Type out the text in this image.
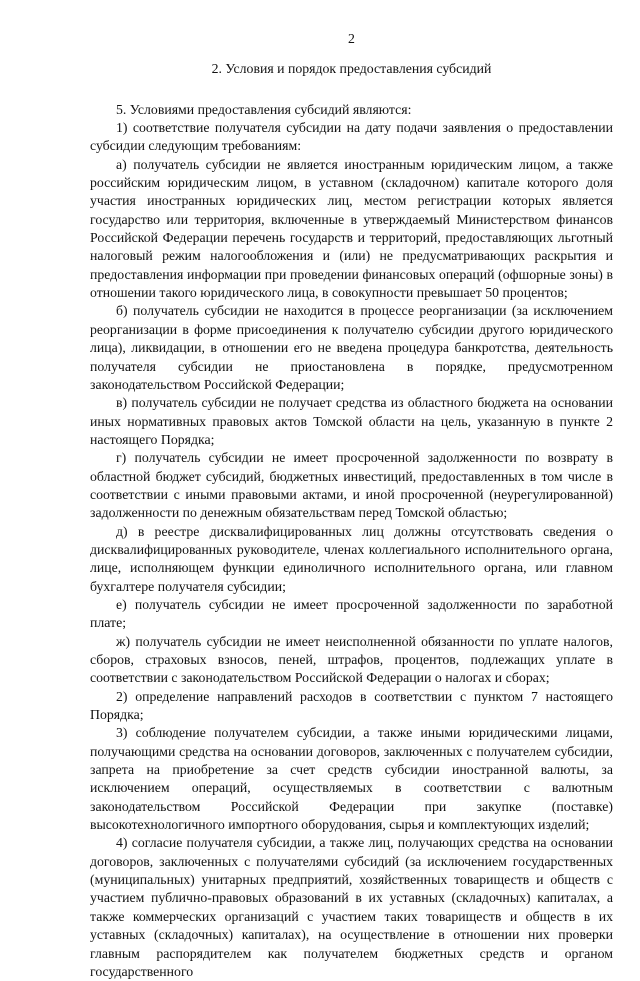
2
2. Условия и порядок предоставления субсидий

5. Условиями предоставления субсидий являются:

1) соответствие получателя субсидии на дату подачи заявления о предоставлении субсидии следующим требованиям:

а) получатель субсидии не является иностранным юридическим лицом, а также российским юридическим лицом, в уставном (складочном) капитале которого доля участия иностранных юридических лиц, местом регистрации которых является государство или территория, включенные в утверждаемый Министерством финансов Российской Федерации перечень государств и территорий, предоставляющих льготный налоговый режим налогообложения и (или) не предусматривающих раскрытия и предоставления информации при проведении финансовых операций (офшорные зоны) в отношении такого юридического лица, в совокупности превышает 50 процентов;

б) получатель субсидии не находится в процессе реорганизации (за исключением реорганизации в форме присоединения к получателю субсидии другого юридического лица), ликвидации, в отношении его не введена процедура банкротства, деятельность получателя субсидии не приостановлена в порядке, предусмотренном законодательством Российской Федерации;

в) получатель субсидии не получает средства из областного бюджета на основании иных нормативных правовых актов Томской области на цель, указанную в пункте 2 настоящего Порядка;

г) получатель субсидии не имеет просроченной задолженности по возврату в областной бюджет субсидий, бюджетных инвестиций, предоставленных в том числе в соответствии с иными правовыми актами, и иной просроченной (неурегулированной) задолженности по денежным обязательствам перед Томской областью;

д) в реестре дисквалифицированных лиц должны отсутствовать сведения о дисквалифицированных руководителе, членах коллегиального исполнительного органа, лице, исполняющем функции единоличного исполнительного органа, или главном бухгалтере получателя субсидии;

е) получатель субсидии не имеет просроченной задолженности по заработной плате;

ж) получатель субсидии не имеет неисполненной обязанности по уплате налогов, сборов, страховых взносов, пеней, штрафов, процентов, подлежащих уплате в соответствии с законодательством Российской Федерации о налогах и сборах;

2) определение направлений расходов в соответствии с пунктом 7 настоящего Порядка;

3) соблюдение получателем субсидии, а также иными юридическими лицами, получающими средства на основании договоров, заключенных с получателем субсидии, запрета на приобретение за счет средств субсидии иностранной валюты, за исключением операций, осуществляемых в соответствии с валютным законодательством Российской Федерации при закупке (поставке) высокотехнологичного импортного оборудования, сырья и комплектующих изделий;

4) согласие получателя субсидии, а также лиц, получающих средства на основании договоров, заключенных с получателями субсидий (за исключением государственных (муниципальных) унитарных предприятий, хозяйственных товариществ и обществ с участием публично-правовых образований в их уставных (складочных) капиталах, а также коммерческих организаций с участием таких товариществ и обществ в их уставных (складочных) капиталах), на осуществление в отношении них проверки главным распорядителем как получателем бюджетных средств и органом государственного
